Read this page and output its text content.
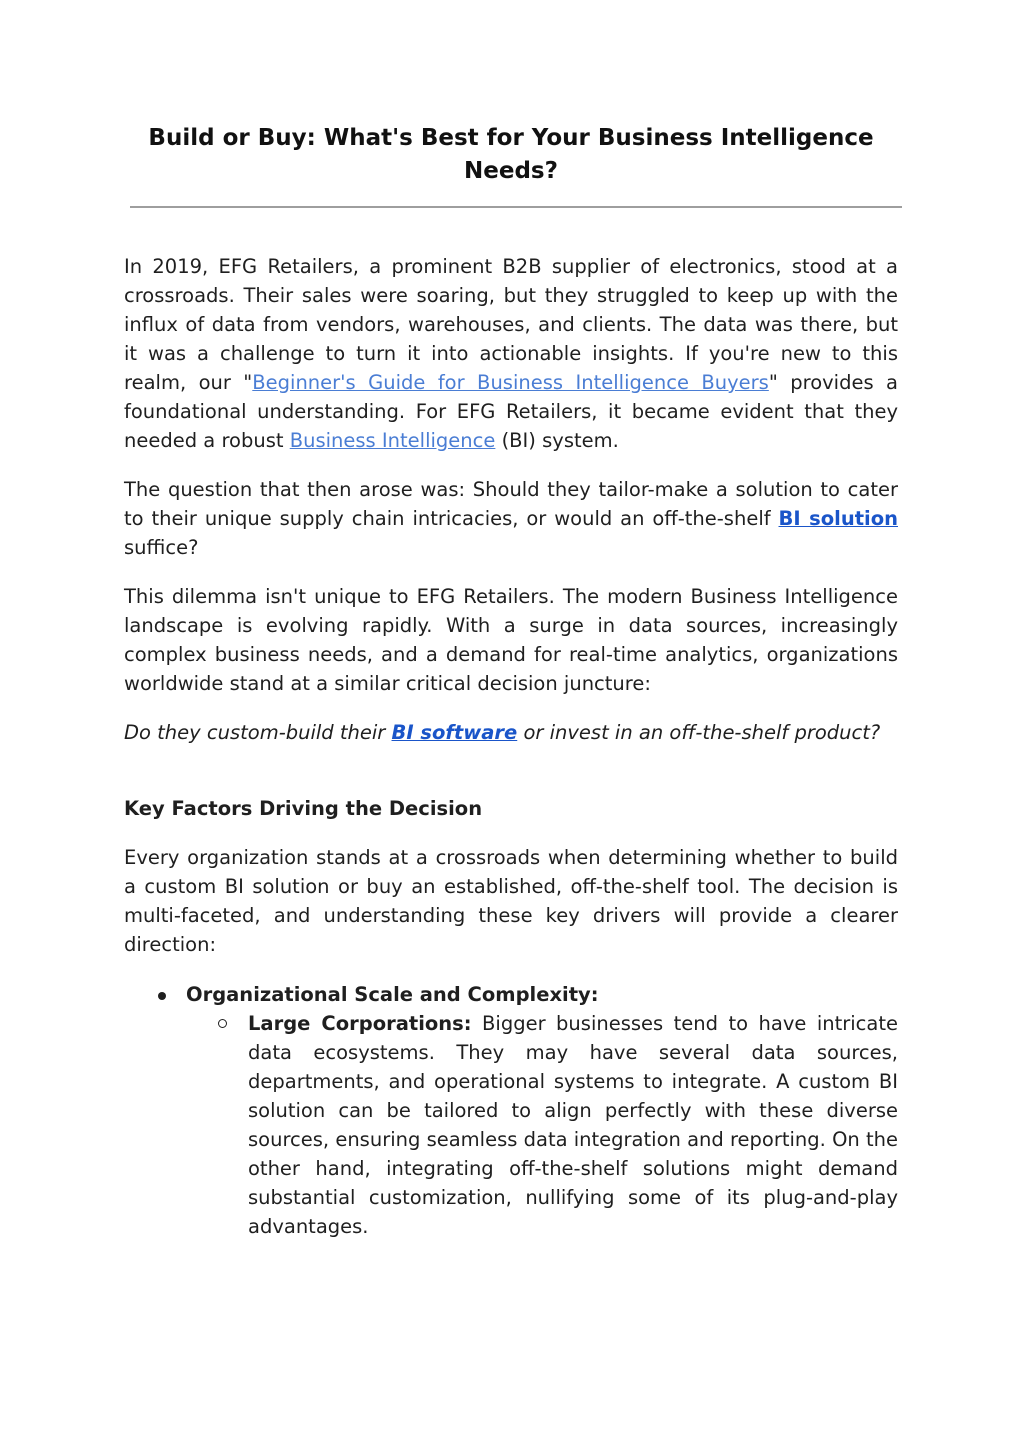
Build or Buy: What's Best for Your Business Intelligence Needs?

In 2019, EFG Retailers, a prominent B2B supplier of electronics, stood at a crossroads. Their sales were soaring, but they struggled to keep up with the influx of data from vendors, warehouses, and clients. The data was there, but it was a challenge to turn it into actionable insights. If you're new to this realm, our "Beginner's Guide for Business Intelligence Buyers" provides a foundational understanding. For EFG Retailers, it became evident that they needed a robust Business Intelligence (BI) system.

The question that then arose was: Should they tailor-make a solution to cater to their unique supply chain intricacies, or would an off-the-shelf BI solution suffice?

This dilemma isn't unique to EFG Retailers. The modern Business Intelligence landscape is evolving rapidly. With a surge in data sources, increasingly complex business needs, and a demand for real-time analytics, organizations worldwide stand at a similar critical decision juncture:

Do they custom-build their BI software or invest in an off-the-shelf product?

Key Factors Driving the Decision

Every organization stands at a crossroads when determining whether to build a custom BI solution or buy an established, off-the-shelf tool. The decision is multi-faceted, and understanding these key drivers will provide a clearer direction:

Organizational Scale and Complexity:
Large Corporations: Bigger businesses tend to have intricate data ecosystems. They may have several data sources, departments, and operational systems to integrate. A custom BI solution can be tailored to align perfectly with these diverse sources, ensuring seamless data integration and reporting. On the other hand, integrating off-the-shelf solutions might demand substantial customization, nullifying some of its plug-and-play advantages.
